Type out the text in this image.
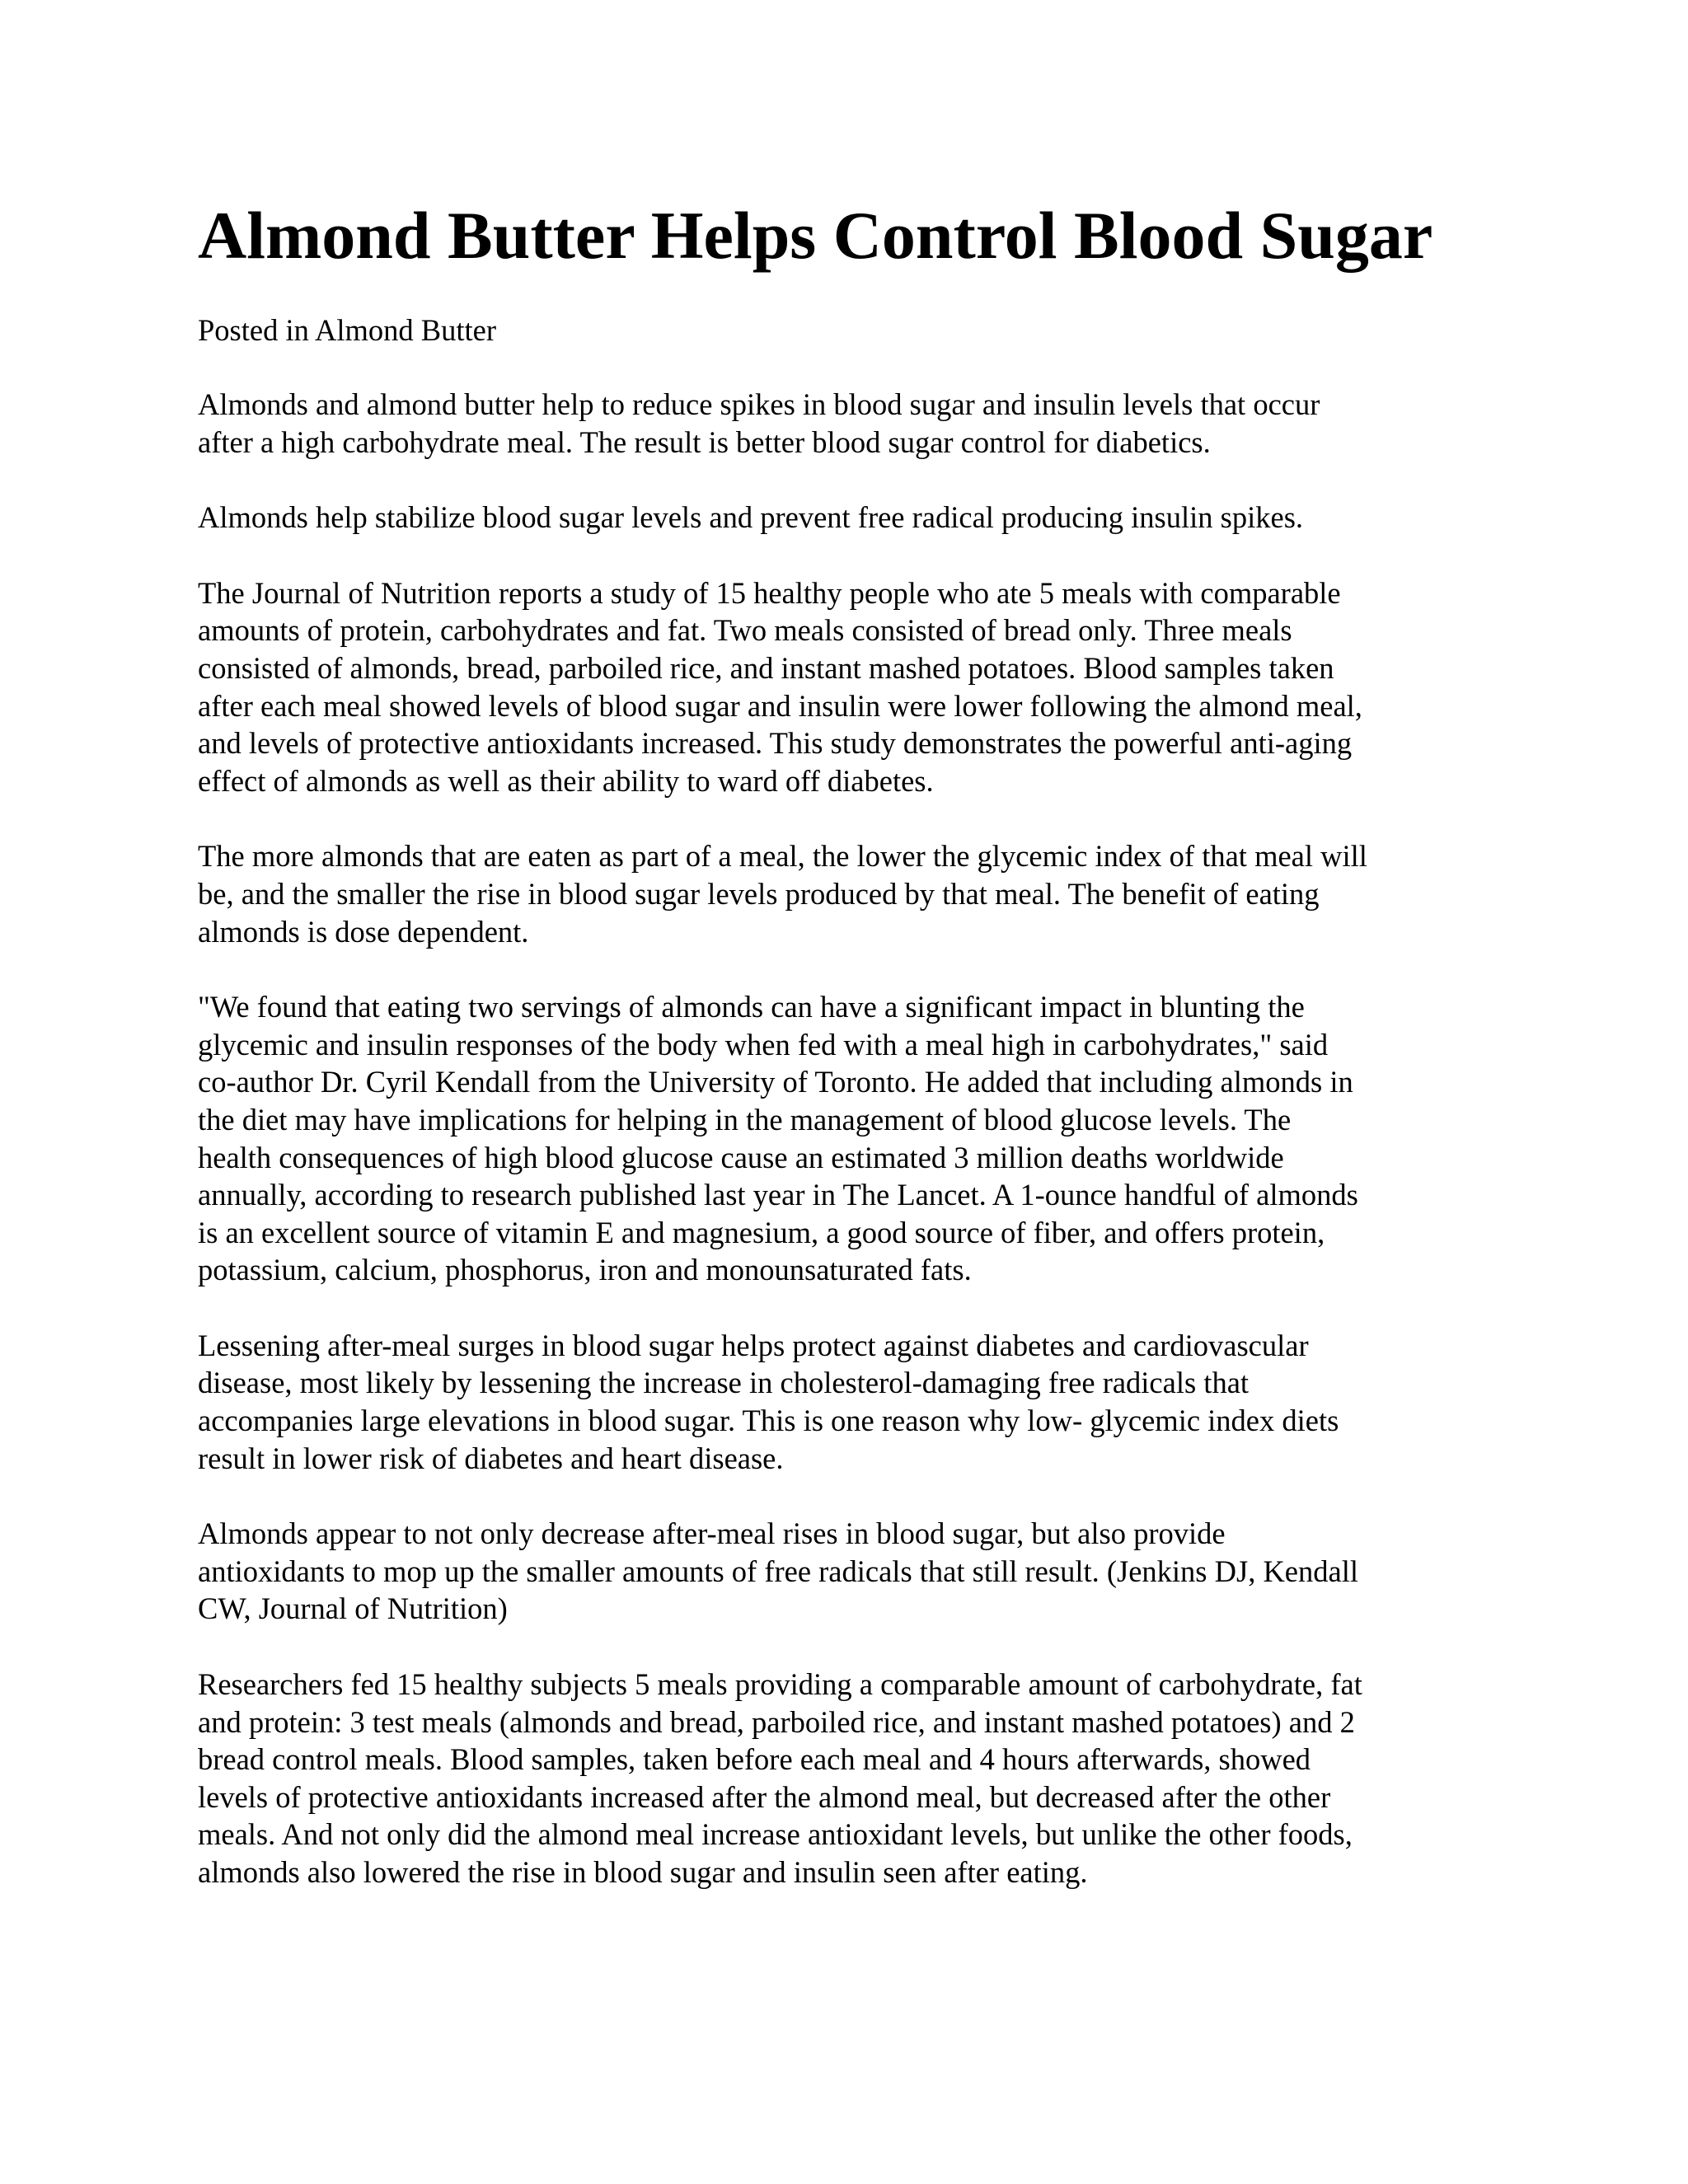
Almond Butter Helps Control Blood Sugar
Posted in Almond Butter

Almonds and almond butter help to reduce spikes in blood sugar and insulin levels that occur
after a high carbohydrate meal. The result is better blood sugar control for diabetics.

Almonds help stabilize blood sugar levels and prevent free radical producing insulin spikes.

The Journal of Nutrition reports a study of 15 healthy people who ate 5 meals with comparable
amounts of protein, carbohydrates and fat. Two meals consisted of bread only. Three meals
consisted of almonds, bread, parboiled rice, and instant mashed potatoes. Blood samples taken
after each meal showed levels of blood sugar and insulin were lower following the almond meal,
and levels of protective antioxidants increased. This study demonstrates the powerful anti-aging
effect of almonds as well as their ability to ward off diabetes.

The more almonds that are eaten as part of a meal, the lower the glycemic index of that meal will
be, and the smaller the rise in blood sugar levels produced by that meal. The benefit of eating
almonds is dose dependent.

"We found that eating two servings of almonds can have a significant impact in blunting the
glycemic and insulin responses of the body when fed with a meal high in carbohydrates," said
co-author Dr. Cyril Kendall from the University of Toronto. He added that including almonds in
the diet may have implications for helping in the management of blood glucose levels. The
health consequences of high blood glucose cause an estimated 3 million deaths worldwide
annually, according to research published last year in The Lancet. A 1-ounce handful of almonds
is an excellent source of vitamin E and magnesium, a good source of fiber, and offers protein,
potassium, calcium, phosphorus, iron and monounsaturated fats.

Lessening after-meal surges in blood sugar helps protect against diabetes and cardiovascular
disease, most likely by lessening the increase in cholesterol-damaging free radicals that
accompanies large elevations in blood sugar. This is one reason why low- glycemic index diets
result in lower risk of diabetes and heart disease.

Almonds appear to not only decrease after-meal rises in blood sugar, but also provide
antioxidants to mop up the smaller amounts of free radicals that still result. (Jenkins DJ, Kendall
CW, Journal of Nutrition)

Researchers fed 15 healthy subjects 5 meals providing a comparable amount of carbohydrate, fat
and protein: 3 test meals (almonds and bread, parboiled rice, and instant mashed potatoes) and 2
bread control meals. Blood samples, taken before each meal and 4 hours afterwards, showed
levels of protective antioxidants increased after the almond meal, but decreased after the other
meals. And not only did the almond meal increase antioxidant levels, but unlike the other foods,
almonds also lowered the rise in blood sugar and insulin seen after eating.
